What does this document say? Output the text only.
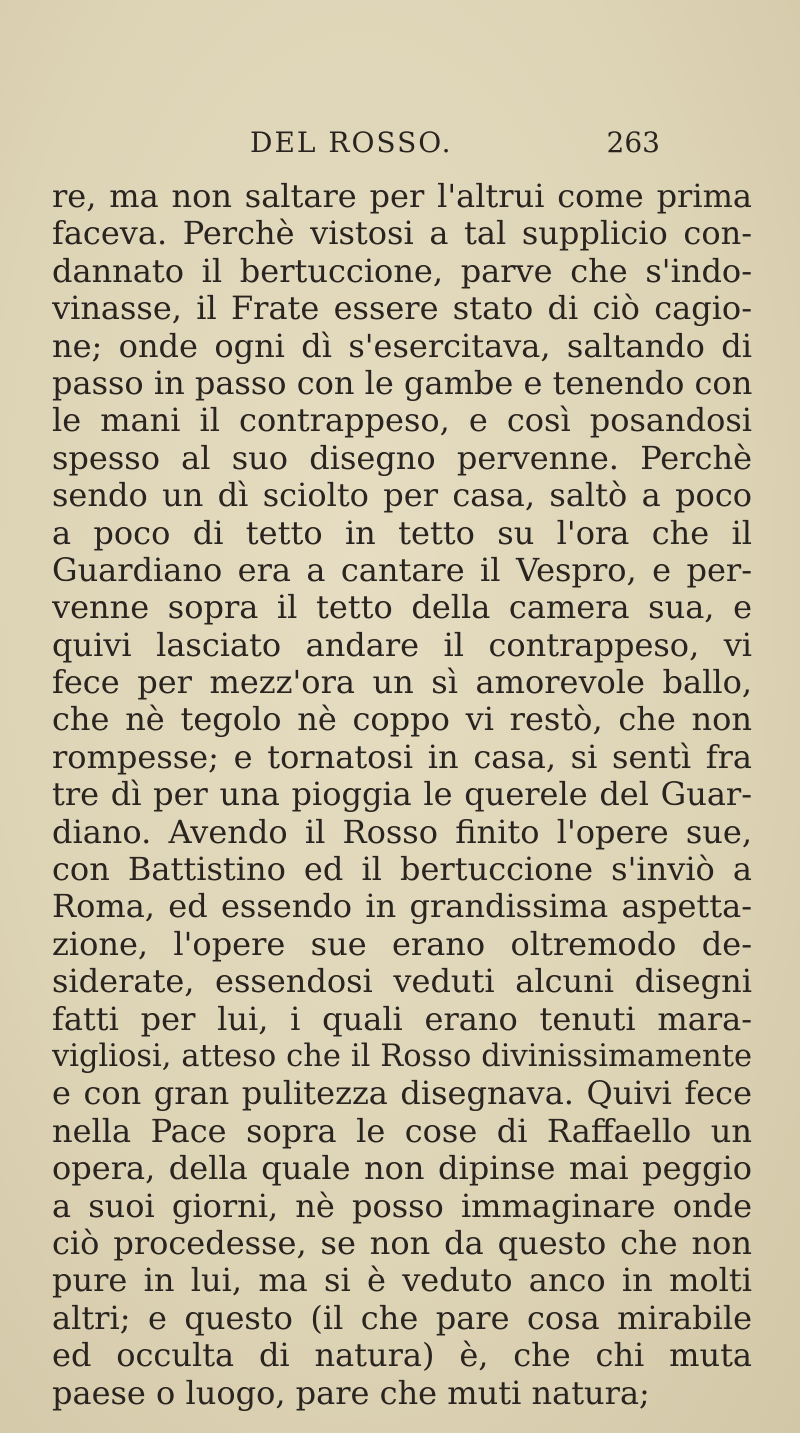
DEL ROSSO.	263
re, ma non saltare per l'altrui come prima
faceva. Perchè vistosi a tal supplicio con-
dannato il bertuccione, parve che s'indo-
vinasse, il Frate essere stato di ciò cagio-
ne; onde ogni dì s'esercitava, saltando di
passo in passo con le gambe e tenendo con
le mani il contrappeso, e così posandosi
spesso al suo disegno pervenne. Perchè
sendo un dì sciolto per casa, saltò a poco
a poco di tetto in tetto su l'ora che il
Guardiano era a cantare il Vespro, e per-
venne sopra il tetto della camera sua, e
quivi lasciato andare il contrappeso, vi
fece per mezz'ora un sì amorevole ballo,
che nè tegolo nè coppo vi restò, che non
rompesse; e tornatosi in casa, si sentì fra
tre dì per una pioggia le querele del Guar-
diano. Avendo il Rosso finito l'opere sue,
con Battistino ed il bertuccione s'inviò a
Roma, ed essendo in grandissima aspetta-
zione, l'opere sue erano oltremodo de-
siderate, essendosi veduti alcuni disegni
fatti per lui, i quali erano tenuti mara-
vigliosi, atteso che il Rosso divinissimamente
e con gran pulitezza disegnava. Quivi fece
nella Pace sopra le cose di Raffaello un
opera, della quale non dipinse mai peggio
a suoi giorni, nè posso immaginare onde
ciò procedesse, se non da questo che non
pure in lui, ma si è veduto anco in molti
altri; e questo (il che pare cosa mirabile
ed occulta di natura) è, che chi muta
paese o luogo, pare che muti natura;
